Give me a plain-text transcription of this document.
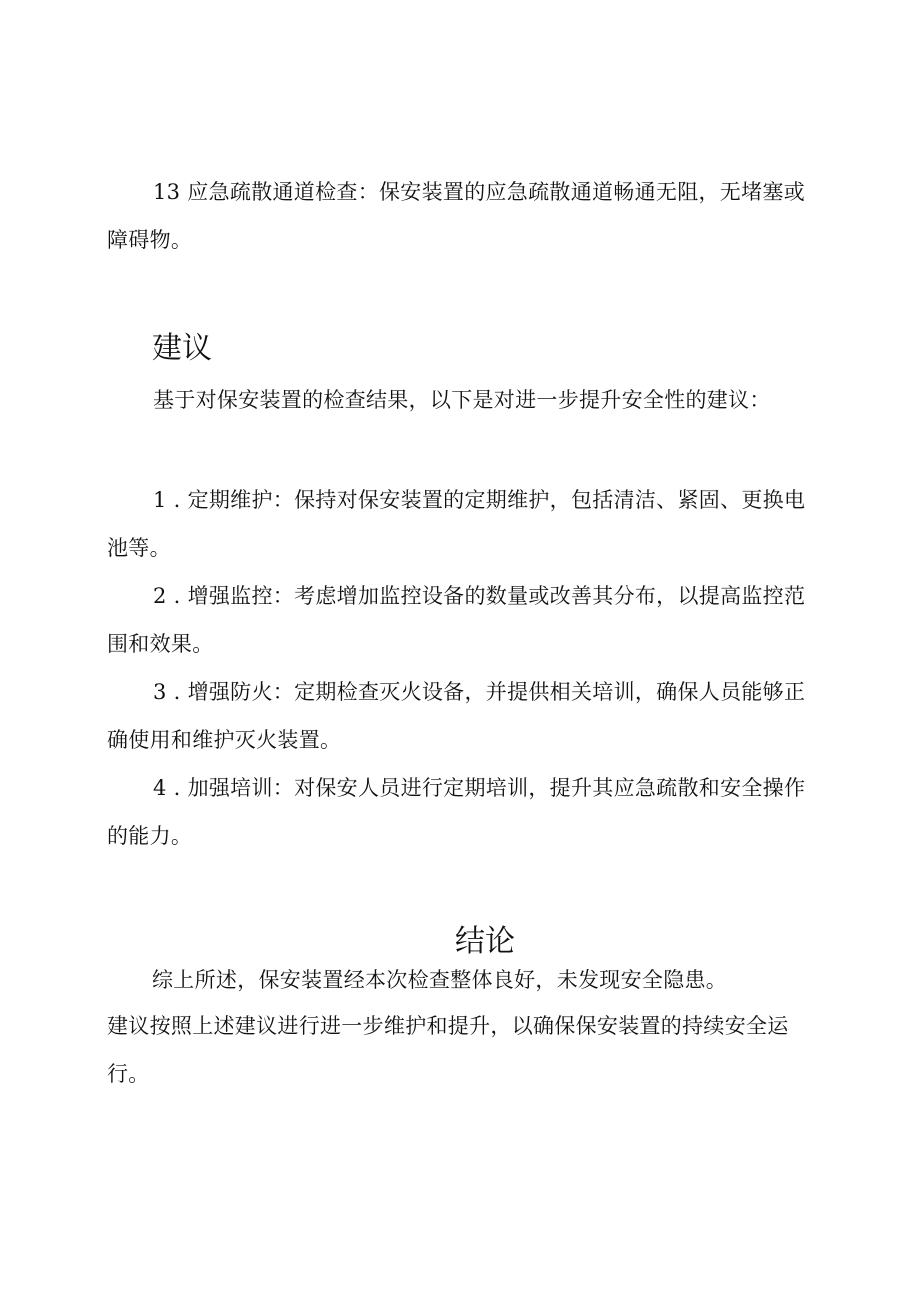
13 应急疏散通道检查：保安装置的应急疏散通道畅通无阻，无堵塞或障碍物。

建议

基于对保安装置的检查结果，以下是对进一步提升安全性的建议：

1 . 定期维护：保持对保安装置的定期维护，包括清洁、紧固、更换电池等。

2 . 增强监控：考虑增加监控设备的数量或改善其分布，以提高监控范围和效果。

3 . 增强防火：定期检查灭火设备，并提供相关培训，确保人员能够正确使用和维护灭火装置。

4 . 加强培训：对保安人员进行定期培训，提升其应急疏散和安全操作的能力。

结论

综上所述，保安装置经本次检查整体良好，未发现安全隐患。

建议按照上述建议进行进一步维护和提升，以确保保安装置的持续安全运行。
